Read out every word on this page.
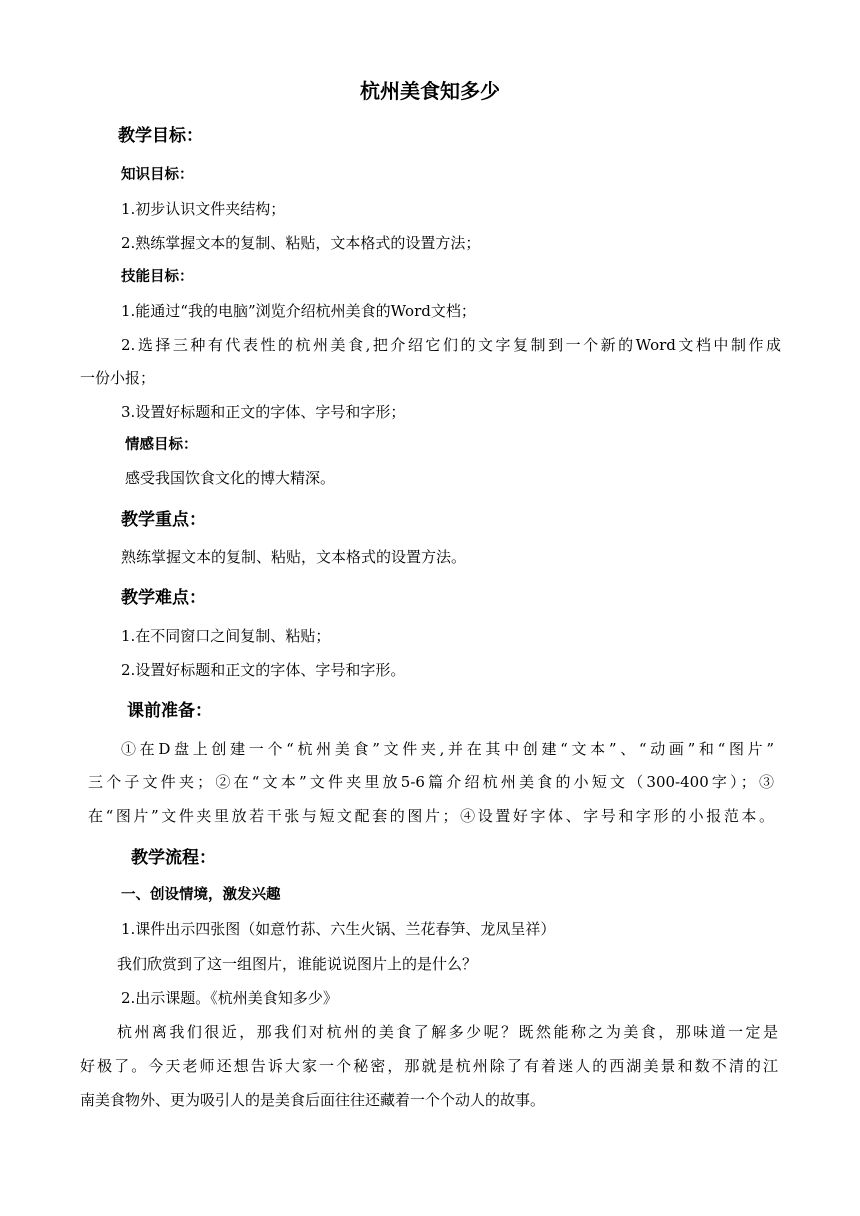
杭州美食知多少
教学目标：
知识目标：
1.初步认识文件夹结构；
2.熟练掌握文本的复制、粘贴，文本格式的设置方法；
技能目标：
1.能通过“我的电脑”浏览介绍杭州美食的Word文档；
2.选择三种有代表性的杭州美食,把介绍它们的文字复制到一个新的Word文档中制作成
一份小报；
3.设置好标题和正文的字体、字号和字形；
情感目标：
感受我国饮食文化的博大精深。
教学重点：
熟练掌握文本的复制、粘贴，文本格式的设置方法。
教学难点：
1.在不同窗口之间复制、粘贴；
2.设置好标题和正文的字体、字号和字形。
课前准备：
①在D盘上创建一个“杭州美食”文件夹,并在其中创建“文本”、“动画”和“图片”
三个子文件夹；②在“文本”文件夹里放5-6篇介绍杭州美食的小短文（300-400字）；③
在“图片”文件夹里放若干张与短文配套的图片；④设置好字体、字号和字形的小报范本。
教学流程：
一、创设情境，激发兴趣
1.课件出示四张图（如意竹荪、六生火锅、兰花春笋、龙凤呈祥）
我们欣赏到了这一组图片，谁能说说图片上的是什么？
2.出示课题。《杭州美食知多少》
杭州离我们很近，那我们对杭州的美食了解多少呢？既然能称之为美食，那味道一定是
好极了。今天老师还想告诉大家一个秘密，那就是杭州除了有着迷人的西湖美景和数不清的江
南美食物外、更为吸引人的是美食后面往往还藏着一个个动人的故事。
